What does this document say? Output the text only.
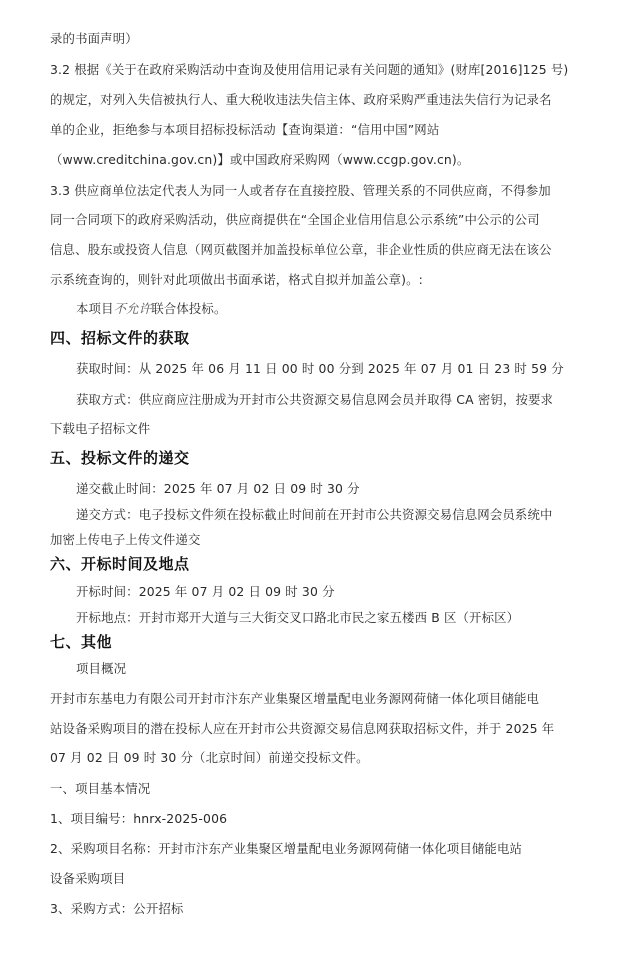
录的书面声明）
3.2 根据《关于在政府采购活动中查询及使用信用记录有关问题的通知》(财库[2016]125 号)
的规定，对列入失信被执行人、重大税收违法失信主体、政府采购严重违法失信行为记录名
单的企业，拒绝参与本项目招标投标活动【查询渠道：“信用中国”网站
（www.creditchina.gov.cn)】或中国政府采购网（www.ccgp.gov.cn)。
3.3 供应商单位法定代表人为同一人或者存在直接控股、管理关系的不同供应商，不得参加
同一合同项下的政府采购活动，供应商提供在“全国企业信用信息公示系统”中公示的公司
信息、股东或投资人信息（网页截图并加盖投标单位公章，非企业性质的供应商无法在该公
示系统查询的，则针对此项做出书面承诺，格式自拟并加盖公章)。:
本项目不允许联合体投标。
四、招标文件的获取
获取时间：从 2025 年 06 月 11 日 00 时 00 分到 2025 年 07 月 01 日 23 时 59 分
获取方式：供应商应注册成为开封市公共资源交易信息网会员并取得 CA 密钥，按要求
下载电子招标文件
五、投标文件的递交
递交截止时间：2025 年 07 月 02 日 09 时 30 分
递交方式：电子投标文件须在投标截止时间前在开封市公共资源交易信息网会员系统中
加密上传电子上传文件递交
六、开标时间及地点
开标时间：2025 年 07 月 02 日 09 时 30 分
开标地点：开封市郑开大道与三大街交叉口路北市民之家五楼西 B 区（开标区）
七、其他
项目概况
开封市东基电力有限公司开封市汴东产业集聚区增量配电业务源网荷储一体化项目储能电
站设备采购项目的潜在投标人应在开封市公共资源交易信息网获取招标文件，并于 2025 年
07 月 02 日 09 时 30 分（北京时间）前递交投标文件。
一、项目基本情况
1、项目编号：hnrx-2025-006
2、采购项目名称：开封市汴东产业集聚区增量配电业务源网荷储一体化项目储能电站
设备采购项目
3、采购方式：公开招标
